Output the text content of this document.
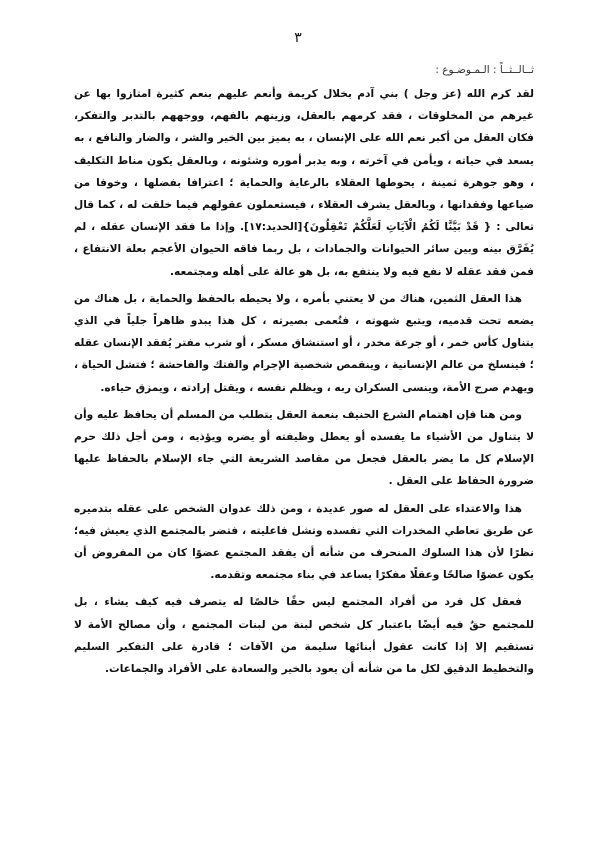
٣
ثــالــثــاً : الـمـوضـوع :

لقد كرم الله (عز وجل ) بني آدم بخلال كريمة وأنعم عليهم بنعم كثيرة امتازوا بها عن غيرهم من المخلوقات ، فقد كرمهم بالعقل، وزينهم بالفهم، ووجههم بالتدبر والتفكر، فكان العقل من أكبر نعم الله على الإنسان ، به يميز بين الخير والشر ، والضار والنافع ، به يسعد في حياته ، ويأمن في آخرته ، وبه يدبر أموره وشئونه ، وبالعقل يكون مناط التكليف ، وهو جوهرة ثمينة ، يحوطها العقلاء بالرعاية والحماية ؛ اعترافا بفضلها ، وخوفا من ضياعها وفقدانها ، وبالعقل يشرف العقلاء ، فيستعملون عقولهم فيما خلقت له ، كما قال تعالى : { قَدْ بَيَّنَّا لَكُمُ الْآيَاتِ لَعَلَّكُمْ تَعْقِلُونَ}[الحديد:١٧]. وإذا ما فقد الإنسان عقله ، لم يُفَرَّق بينه وبين سائر الحيوانات والجمادات ، بل ربما فاقه الحيوان الأعجم بعلة الانتفاع ، فمن فقد عقله لا نفع فيه ولا ينتفع به، بل هو عالة على أهله ومجتمعه.

هذا العقل الثمين، هناك من لا يعتني بأمره ، ولا يحيطه بالحفظ والحماية ، بل هناك من يضعه تحت قدميه، ويتبع شهوته ، فتُعمى بصيرته ، كل هذا يبدو ظاهراً جلياً في الذي يتناول كأس خمر ، أو جرعة مخدر ، أو استنشاق مسكر ، أو شرب مفتر يُفقد الإنسان عقله ؛ فينسلخ من عالم الإنسانية ، وينقمص شخصية الإجرام والفتك والفاحشة ؛ فتشل الحياة ، ويهدم صرح الأمة، وينسى السكران ربه ، ويظلم نفسه ، ويقتل إرادته ، ويمزق حياءه.

ومن هنا فإن اهتمام الشرع الحنيف بنعمة العقل يتطلب من المسلم أن يحافظ عليه وأن لا يتناول من الأشياء ما يفسده أو يعطل وظيفته أو يضره ويؤذيه ، ومن أجل ذلك حرم الإسلام كل ما يضر بالعقل فجعل من مقاصد الشريعة التي جاء الإسلام بالحفاظ عليها ضرورة الحفاظ على العقل .

هذا والاعتداء على العقل له صور عديدة ، ومن ذلك عدوان الشخص على عقله بتدميره عن طريق تعاطي المخدرات التي تفسده وتشل فاعليته ، فتضر بالمجتمع الذي يعيش فيه؛ نظرًا لأن هذا السلوك المنحرف من شأنه أن يفقد المجتمع عضوًا كان من المفروض أن يكون عضوًا صالحًا وعقلًا مفكرًا يساعد في بناء مجتمعه وتقدمه.

فعقل كل فرد من أفراد المجتمع ليس حقًا خالصًا له يتصرف فيه كيف يشاء ، بل للمجتمع حقٌ فيه أيضًا باعتبار كل شخص لبنة من لبنات المجتمع ، وأن مصالح الأمة لا تستقيم إلا إذا كانت عقول أبنائها سليمة من الآفات ؛ قادرة على التفكير السليم والتخطيط الدقيق لكل ما من شأنه أن يعود بالخير والسعادة على الأفراد والجماعات.
